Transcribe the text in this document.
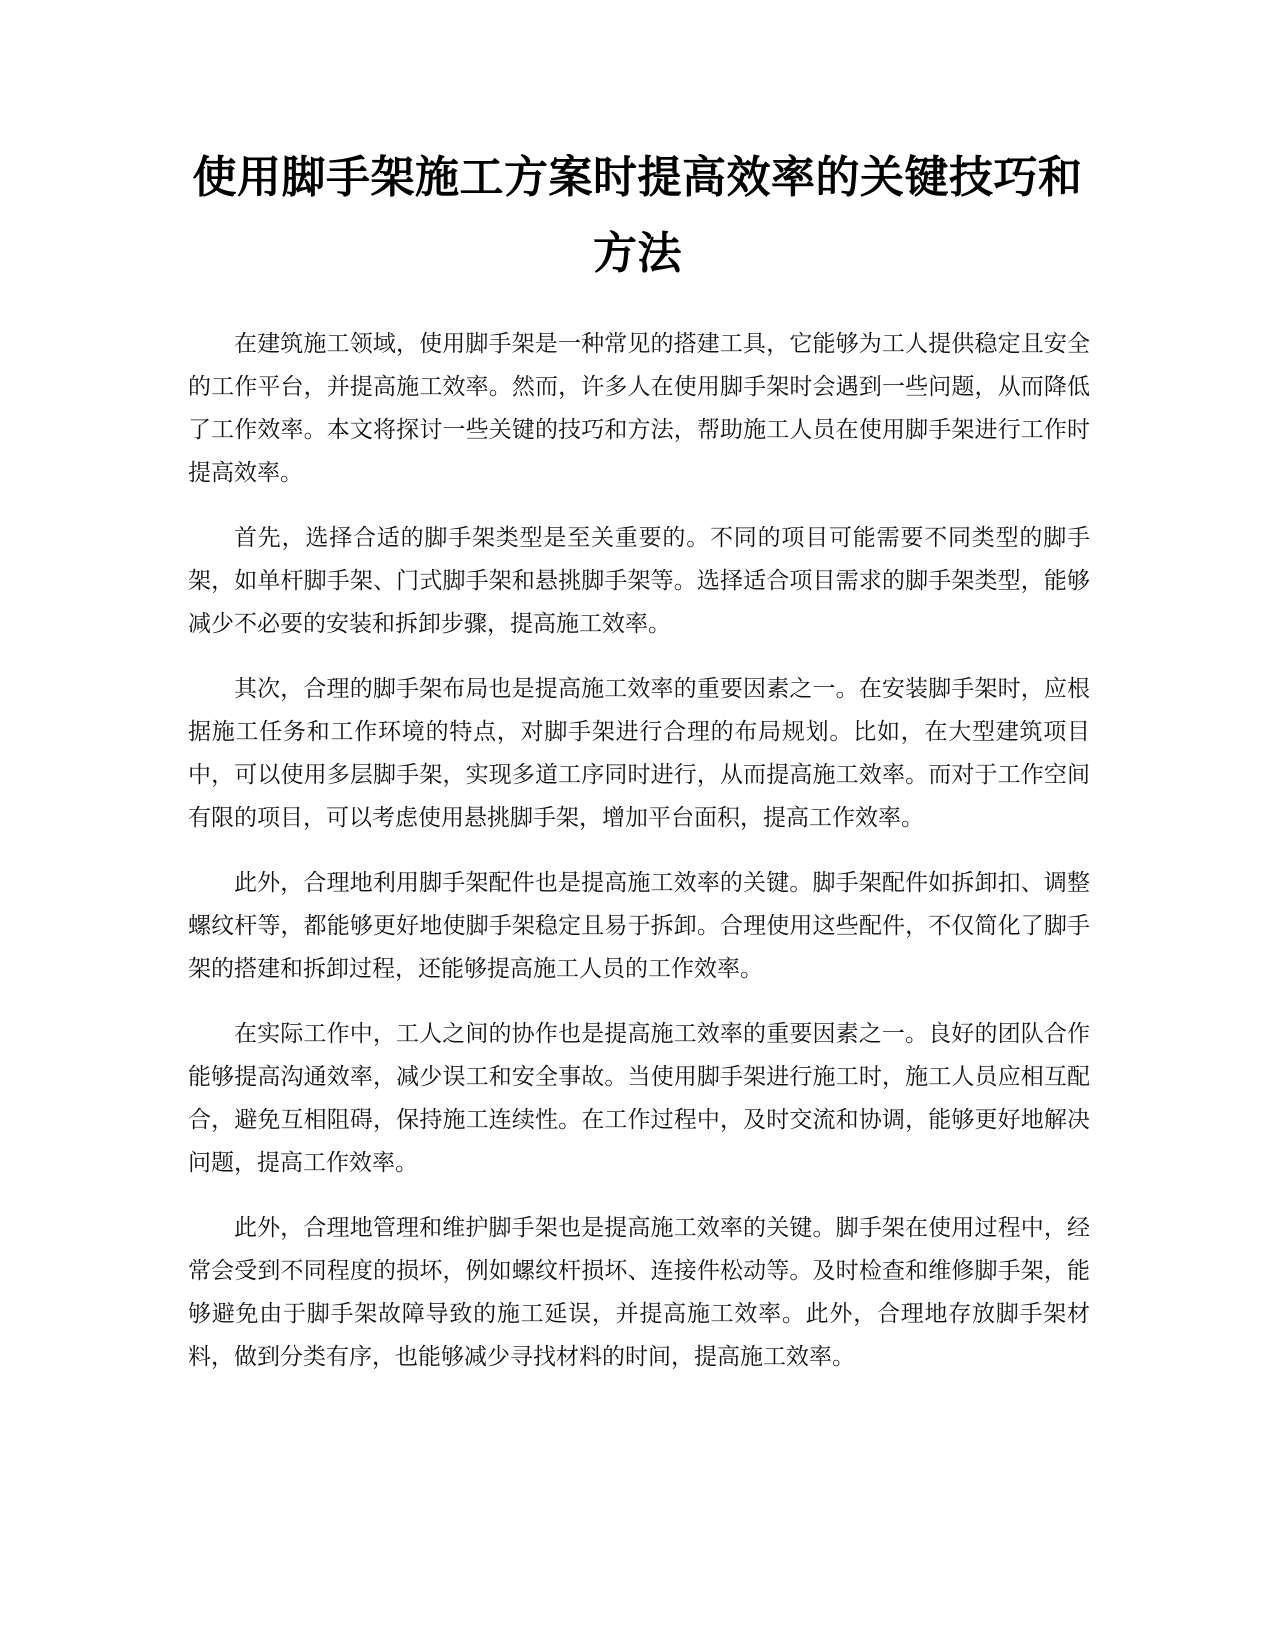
使用脚手架施工方案时提高效率的关键技巧和方法

在建筑施工领域，使用脚手架是一种常见的搭建工具，它能够为工人提供稳定且安全的工作平台，并提高施工效率。然而，许多人在使用脚手架时会遇到一些问题，从而降低了工作效率。本文将探讨一些关键的技巧和方法，帮助施工人员在使用脚手架进行工作时提高效率。

首先，选择合适的脚手架类型是至关重要的。不同的项目可能需要不同类型的脚手架，如单杆脚手架、门式脚手架和悬挑脚手架等。选择适合项目需求的脚手架类型，能够减少不必要的安装和拆卸步骤，提高施工效率。

其次，合理的脚手架布局也是提高施工效率的重要因素之一。在安装脚手架时，应根据施工任务和工作环境的特点，对脚手架进行合理的布局规划。比如，在大型建筑项目中，可以使用多层脚手架，实现多道工序同时进行，从而提高施工效率。而对于工作空间有限的项目，可以考虑使用悬挑脚手架，增加平台面积，提高工作效率。

此外，合理地利用脚手架配件也是提高施工效率的关键。脚手架配件如拆卸扣、调整螺纹杆等，都能够更好地使脚手架稳定且易于拆卸。合理使用这些配件，不仅简化了脚手架的搭建和拆卸过程，还能够提高施工人员的工作效率。

在实际工作中，工人之间的协作也是提高施工效率的重要因素之一。良好的团队合作能够提高沟通效率，减少误工和安全事故。当使用脚手架进行施工时，施工人员应相互配合，避免互相阻碍，保持施工连续性。在工作过程中，及时交流和协调，能够更好地解决问题，提高工作效率。

此外，合理地管理和维护脚手架也是提高施工效率的关键。脚手架在使用过程中，经常会受到不同程度的损坏，例如螺纹杆损坏、连接件松动等。及时检查和维修脚手架，能够避免由于脚手架故障导致的施工延误，并提高施工效率。此外，合理地存放脚手架材料，做到分类有序，也能够减少寻找材料的时间，提高施工效率。
